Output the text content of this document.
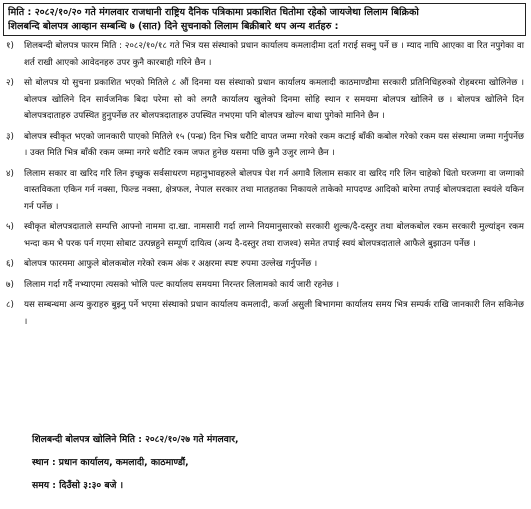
मिति : २०८२/१०/२० गते मंगलवार राजधानी राष्ट्रिय दैनिक पत्रिकामा प्रकाशित धितोमा रहेको जायजेथा लिलाम बिक्रिको
शिलबन्दि बोलपत्र आव्हान सम्बन्धि ७ (सात) दिने सुचनाको लिलाम बिक्रीबारे थप अन्य शर्तहरु :
१) शिलबन्दी बोलपत्र फारम मिति : २०८२/१०/१८ गते भित्र यस संस्थाको प्रधान कार्यालय कमलादीमा दर्ता गराई सक्नु पर्ने छ । म्याद नाघि आएका वा रित नपुगेका वा शर्त राखी आएको आवेदनहरु उपर कुनै कारबाही गरिने छैन ।
२) सो बोलपत्र यो सुचना प्रकाशित भएको मितिले ८ औं दिनमा यस संस्थाको प्रधान कार्यालय कमलादी काठमाण्डौमा सरकारी प्रतिनिधिहरुको रोहबरमा खोलिनेछ । बोलपत्र खोलिने दिन सार्वजनिक बिदा परेमा सो को लगतै कार्यालय खुलेको दिनमा सोहि स्थान र समयमा बोलपत्र खोलिने छ । बोलपत्र खोलिने दिन बोलपत्रदाताहरु उपस्थित हुनुपर्नेछ तर बोलपत्रदाताहरु उपस्थित नभएमा पनि बोलपत्र खोल्न बाधा पुगेको मानिने छैन ।
३) बोलपत्र स्वीकृत भएको जानकारी पाएको मितिले १५ (पन्ध्र) दिन भित्र धरौटि वापत जम्मा गरेको रकम कटाई बाँकी कबोल गरेको रकम यस संस्थामा जम्मा गर्नुपर्नेछ । उक्त मिति भित्र बाँकी रकम जम्मा नगरे धरौटि रकम जफत हुनेछ यसमा पछि कुनै उजुर लाग्ने छैन ।
४) लिलाम सकार वा खरिद गरि लिन इच्छुक सर्वसाधरण महानुभावहरुले बोलपत्र पेश गर्न अगावै लिलाम सकार वा खरिद गरि लिन चाहेको धितो घरजग्गा वा जग्गाको वास्तविकता एकिन गर्न नक्सा, फिल्ड नक्सा, क्षेत्रफल, नेपाल सरकार तथा मातहतका निकायले ताकेको मापदण्ड आदिको बारेमा तपाई बोलपत्रदाता स्वयंले यकिन गर्न पर्नेछ ।
५) स्वीकृत बोलपत्रदाताले सम्पत्ति आफ्नो नाममा दा.खा. नामसारी गर्दा लाग्ने नियमानुसारको सरकारी शुल्क/दै-दस्तुर तथा बोलकबोल रकम सरकारी मुल्यांड्न रकम भन्दा कम भै परक पर्न गएमा सोबाट उत्पन्नहुने सम्पूर्ण दायित्व (अन्य दै-दस्तुर तथा राजश्व) समेत तपाई स्वयं बोलपत्रदाताले आफैले बुझाउन पर्नेछ ।
६) बोलपत्र फारममा आफुले बोलकबोल गरेको रकम अंक र अक्षरमा स्पष्ट रुपमा उल्लेख गर्नुपर्नेछ ।
७) लिलाम गर्दा गर्दै नभ्याएमा त्यसको भोलि पल्ट कार्यालय समयमा निरन्तर लिलामको कार्य जारी रहनेछ ।
८) यस सम्बन्धमा अन्य कुराहरु बुझ्नु पर्ने भएमा संस्थाको प्रधान कार्यालय कमलादी, कर्जा असुली बिभागमा कार्यालय समय भित्र सम्पर्क राखि जानकारी लिन सकिनेछ ।
शिलबन्दी बोलपत्र खोलिने मिति : २०८२/१०/२७ गते मंगलवार,
स्थान : प्रधान कार्यालय, कमलादी, काठमाण्डौं,
समय : दिउँसो ३:३० बजे ।
